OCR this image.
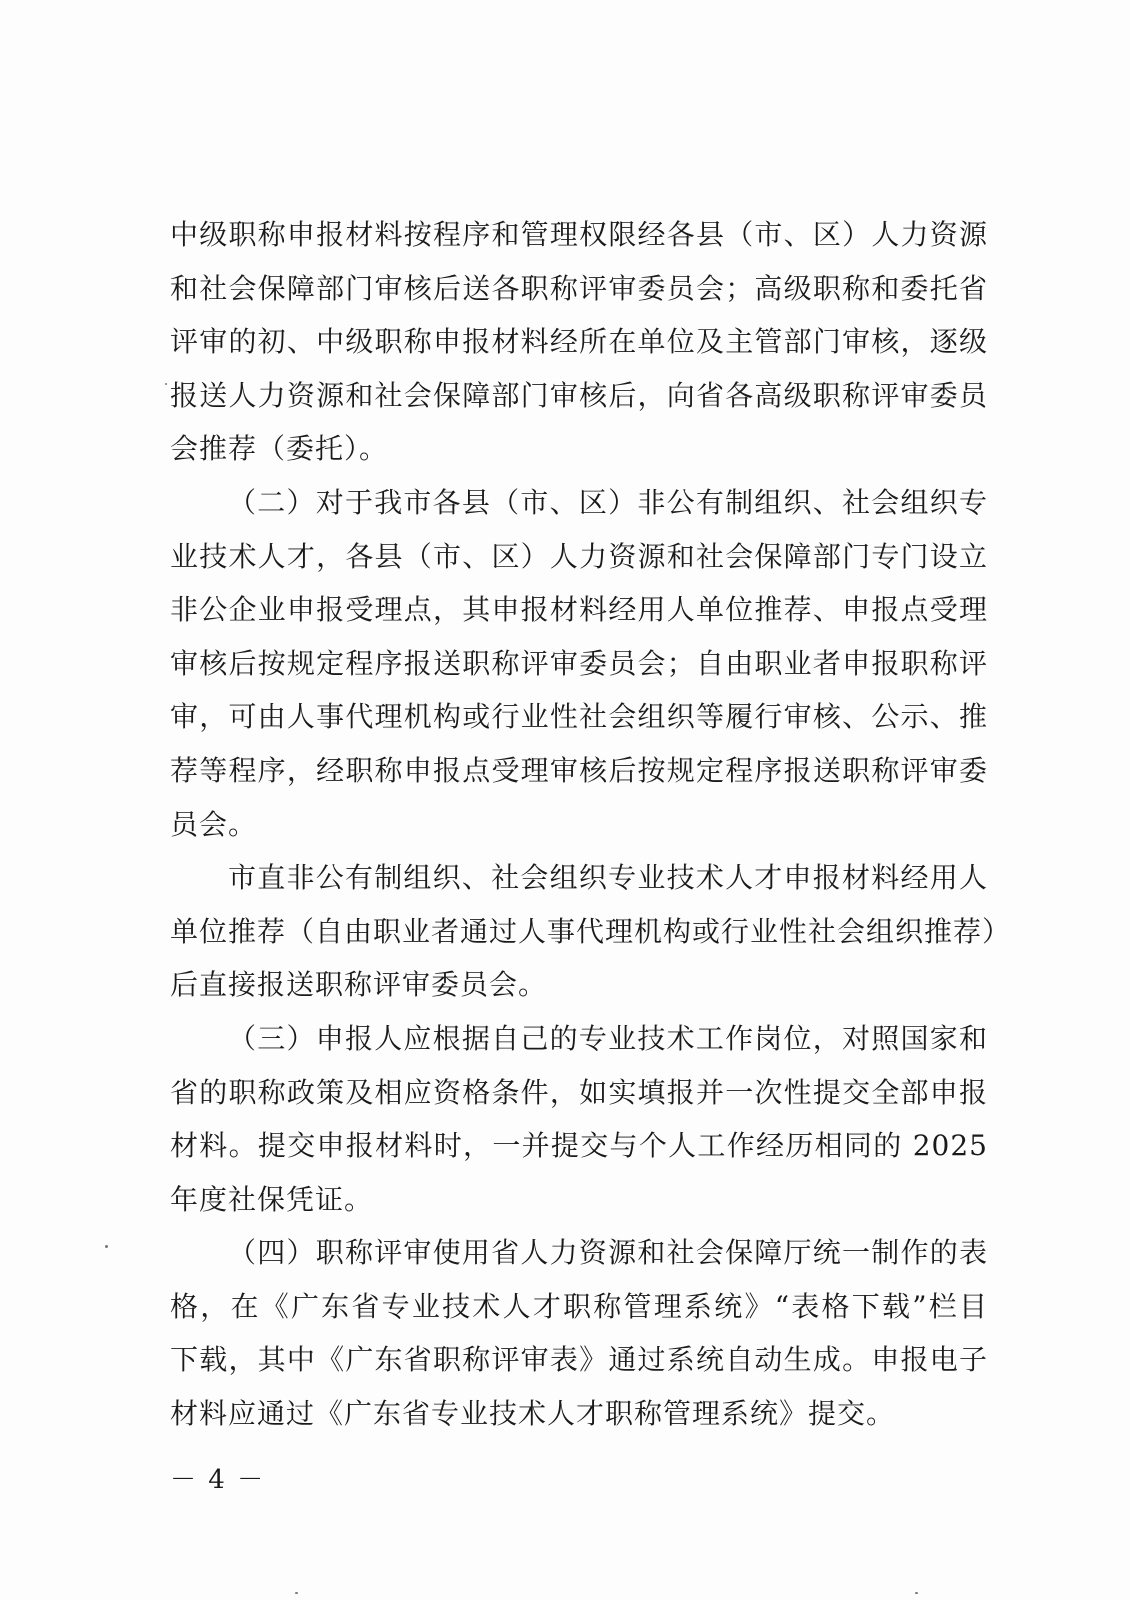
中级职称申报材料按程序和管理权限经各县（市、区）人力资源
和社会保障部门审核后送各职称评审委员会；高级职称和委托省
评审的初、中级职称申报材料经所在单位及主管部门审核，逐级
报送人力资源和社会保障部门审核后，向省各高级职称评审委员
会推荐（委托）。
（二）对于我市各县（市、区）非公有制组织、社会组织专
业技术人才，各县（市、区）人力资源和社会保障部门专门设立
非公企业申报受理点，其申报材料经用人单位推荐、申报点受理
审核后按规定程序报送职称评审委员会；自由职业者申报职称评
审，可由人事代理机构或行业性社会组织等履行审核、公示、推
荐等程序，经职称申报点受理审核后按规定程序报送职称评审委
员会。
市直非公有制组织、社会组织专业技术人才申报材料经用人
单位推荐（自由职业者通过人事代理机构或行业性社会组织推荐）
后直接报送职称评审委员会。
（三）申报人应根据自己的专业技术工作岗位，对照国家和
省的职称政策及相应资格条件，如实填报并一次性提交全部申报
材料。提交申报材料时，一并提交与个人工作经历相同的 2025
年度社保凭证。
（四）职称评审使用省人力资源和社会保障厅统一制作的表
格，在《广东省专业技术人才职称管理系统》“表格下载”栏目
下载，其中《广东省职称评审表》通过系统自动生成。申报电子
材料应通过《广东省专业技术人才职称管理系统》提交。
－ 4 －
